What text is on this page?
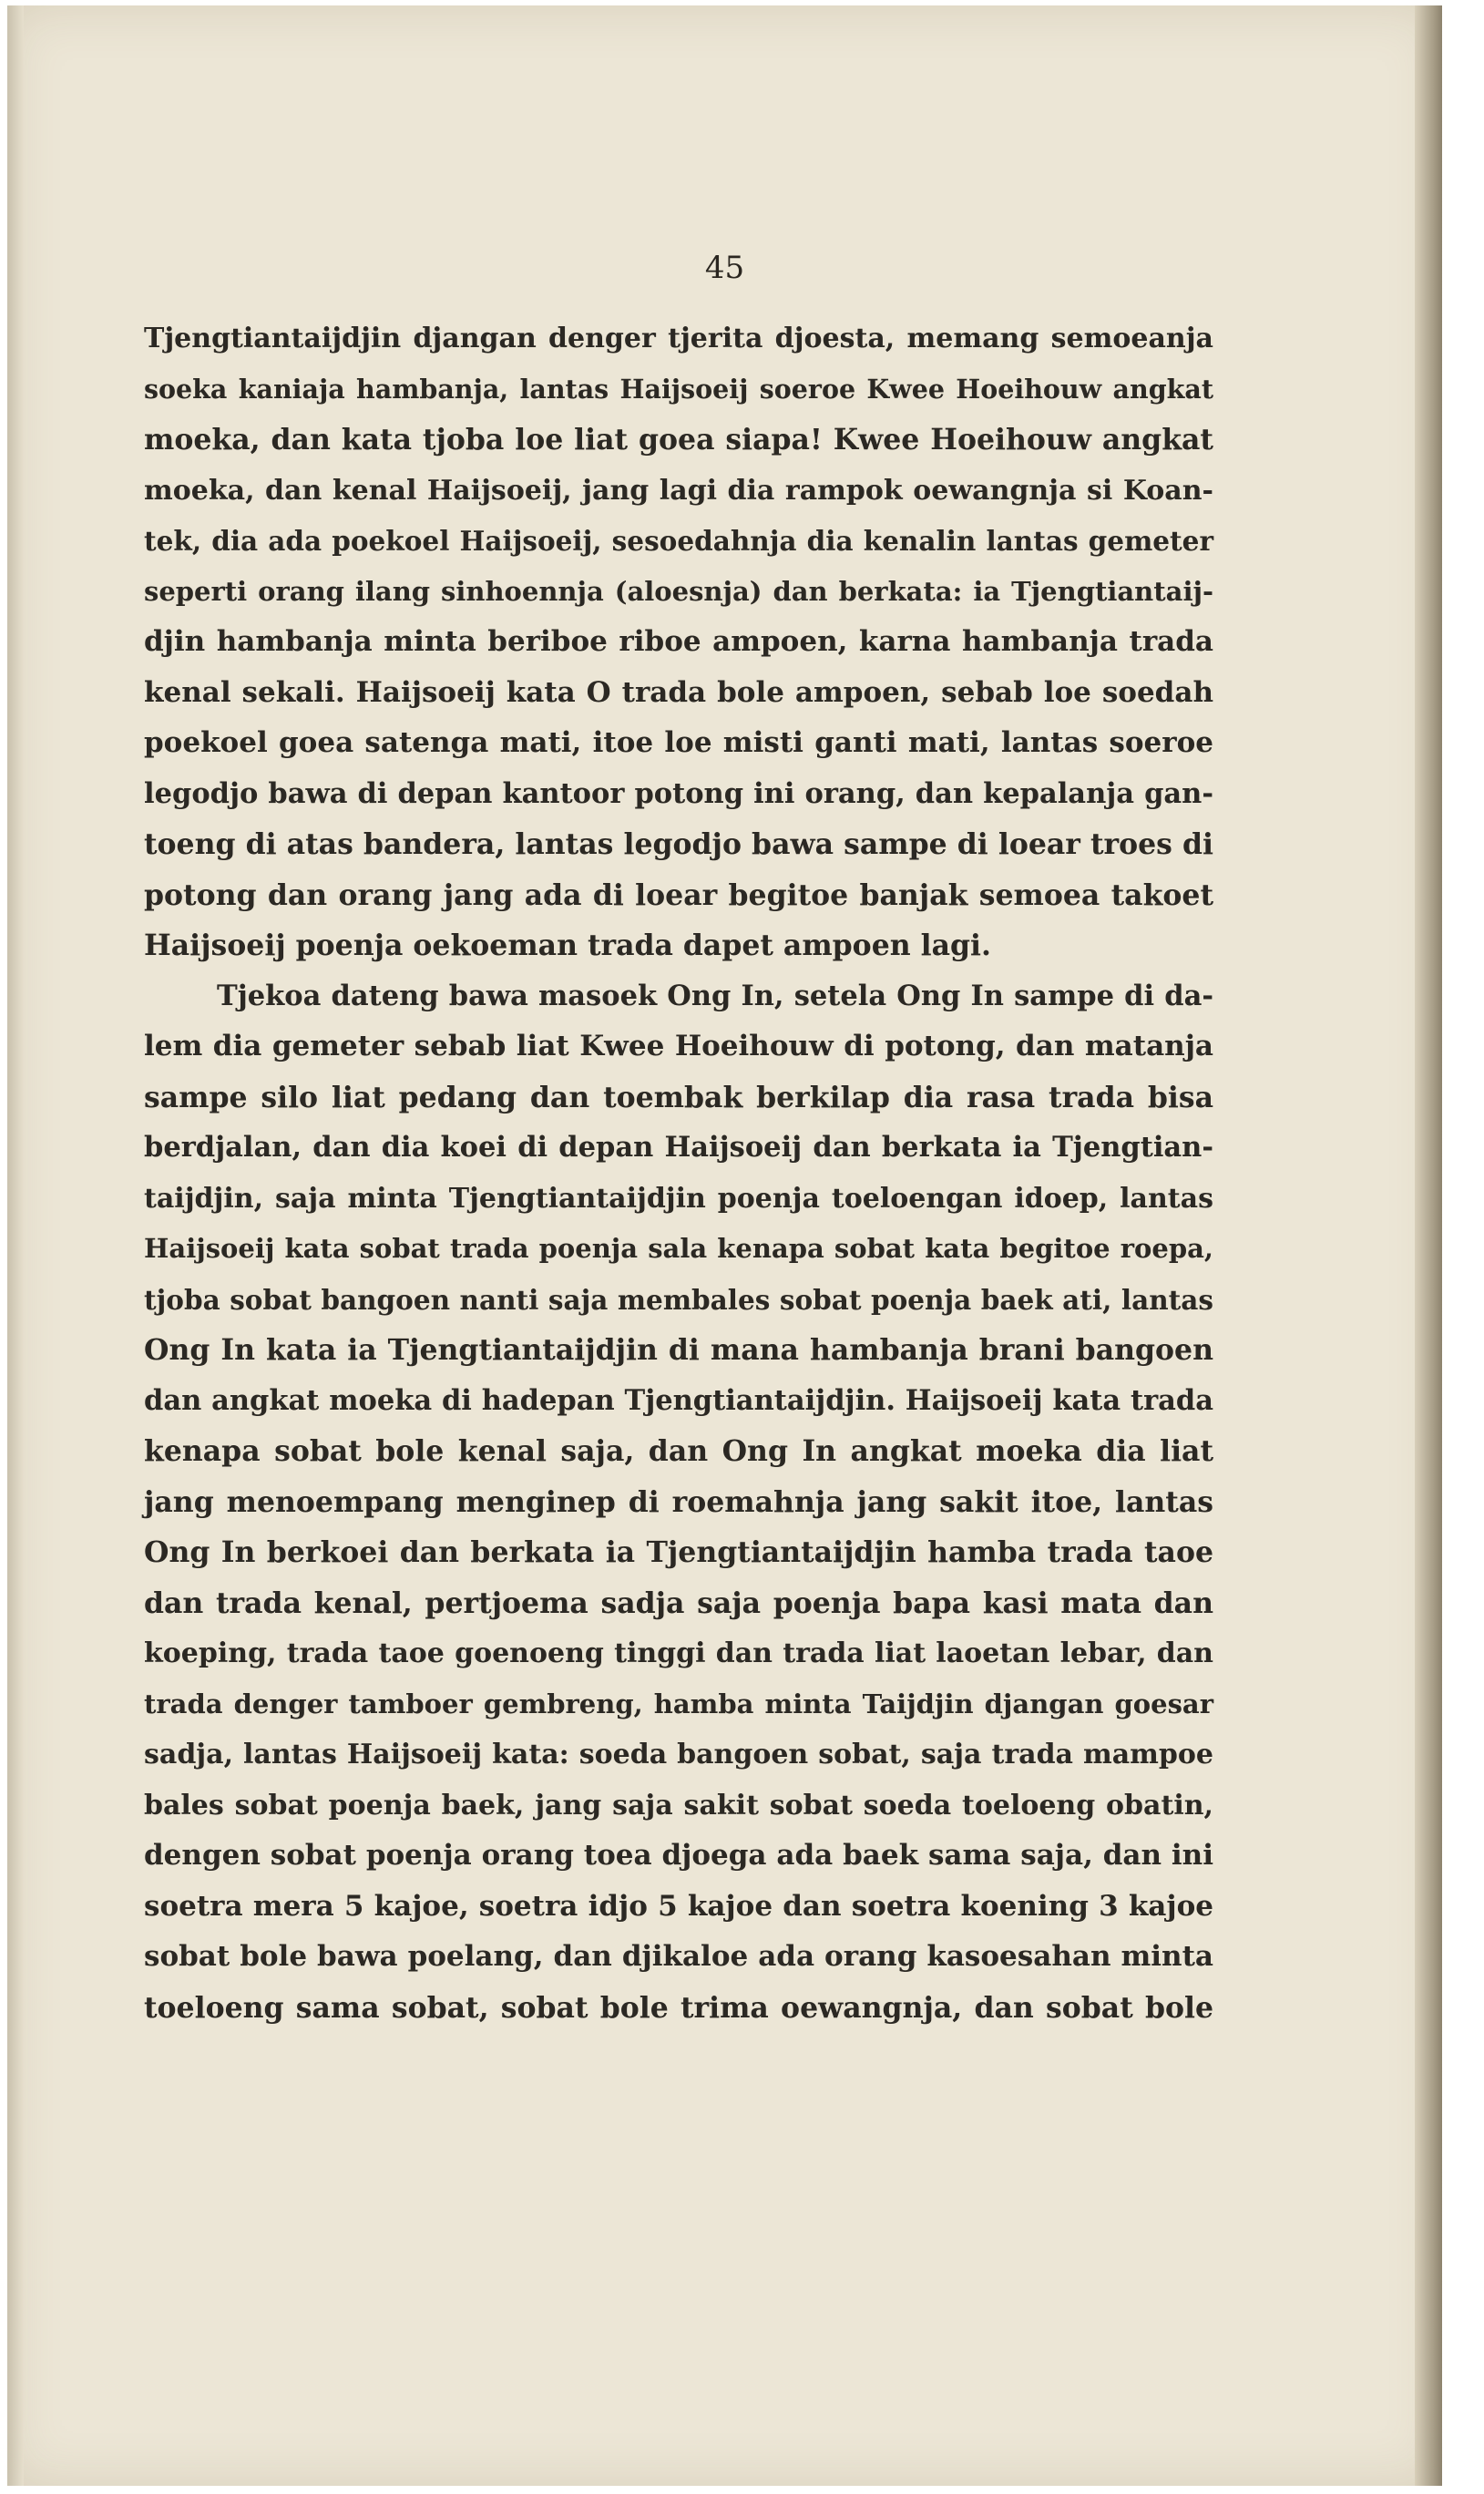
45
Tjengtiantaijdjin djangan denger tjerita djoesta, memang semoeanja
soeka kaniaja hambanja, lantas Haijsoeij soeroe Kwee Hoeihouw angkat
moeka, dan kata tjoba loe liat goea siapa! Kwee Hoeihouw angkat
moeka, dan kenal Haijsoeij, jang lagi dia rampok oewangnja si Koan-
tek, dia ada poekoel Haijsoeij, sesoedahnja dia kenalin lantas gemeter
seperti orang ilang sinhoennja (aloesnja) dan berkata: ia Tjengtiantaij-
djin hambanja minta beriboe riboe ampoen, karna hambanja trada
kenal sekali. Haijsoeij kata O trada bole ampoen, sebab loe soedah
poekoel goea satenga mati, itoe loe misti ganti mati, lantas soeroe
legodjo bawa di depan kantoor potong ini orang, dan kepalanja gan-
toeng di atas bandera, lantas legodjo bawa sampe di loear troes di
potong dan orang jang ada di loear begitoe banjak semoea takoet
Haijsoeij poenja oekoeman trada dapet ampoen lagi.
Tjekoa dateng bawa masoek Ong In, setela Ong In sampe di da-
lem dia gemeter sebab liat Kwee Hoeihouw di potong, dan matanja
sampe silo liat pedang dan toembak berkilap dia rasa trada bisa
berdjalan, dan dia koei di depan Haijsoeij dan berkata ia Tjengtian-
taijdjin, saja minta Tjengtiantaijdjin poenja toeloengan idoep, lantas
Haijsoeij kata sobat trada poenja sala kenapa sobat kata begitoe roepa,
tjoba sobat bangoen nanti saja membales sobat poenja baek ati, lantas
Ong In kata ia Tjengtiantaijdjin di mana hambanja brani bangoen
dan angkat moeka di hadepan Tjengtiantaijdjin. Haijsoeij kata trada
kenapa sobat bole kenal saja, dan Ong In angkat moeka dia liat
jang menoempang menginep di roemahnja jang sakit itoe, lantas
Ong In berkoei dan berkata ia Tjengtiantaijdjin hamba trada taoe
dan trada kenal, pertjoema sadja saja poenja bapa kasi mata dan
koeping, trada taoe goenoeng tinggi dan trada liat laoetan lebar, dan
trada denger tamboer gembreng, hamba minta Taijdjin djangan goesar
sadja, lantas Haijsoeij kata: soeda bangoen sobat, saja trada mampoe
bales sobat poenja baek, jang saja sakit sobat soeda toeloeng obatin,
dengen sobat poenja orang toea djoega ada baek sama saja, dan ini
soetra mera 5 kajoe, soetra idjo 5 kajoe dan soetra koening 3 kajoe
sobat bole bawa poelang, dan djikaloe ada orang kasoesahan minta
toeloeng sama sobat, sobat bole trima oewangnja, dan sobat bole
